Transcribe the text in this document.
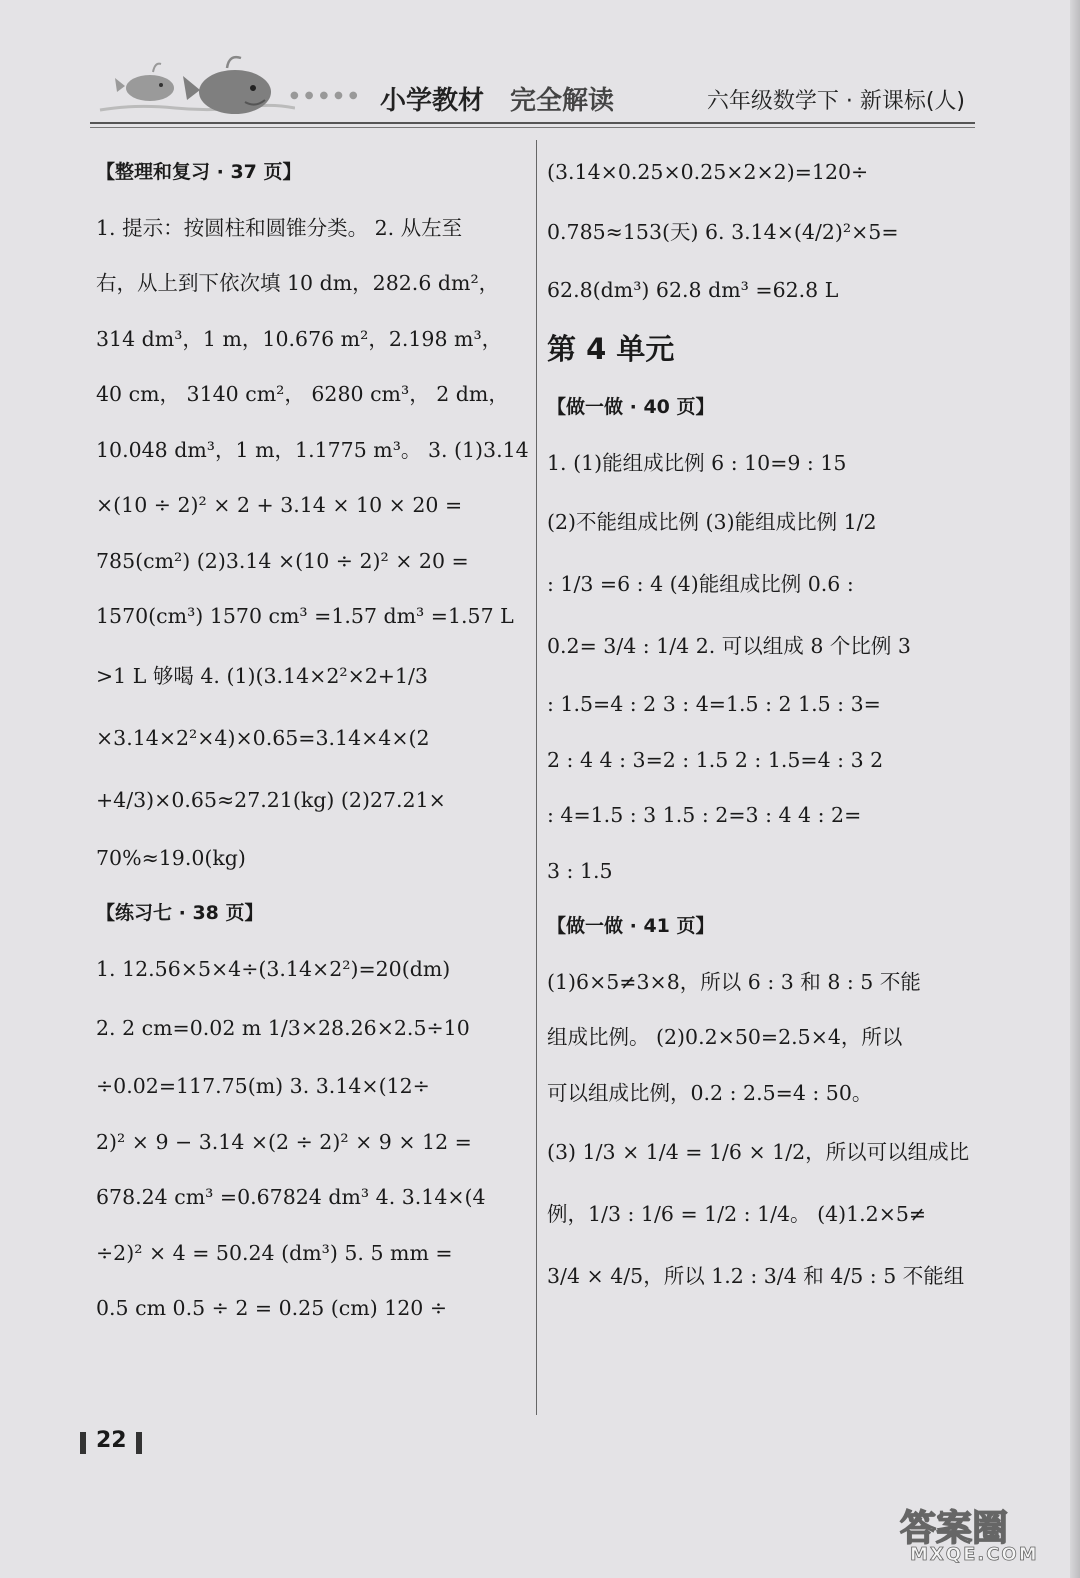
●●●●● 小学教材 完全解读	六年级数学下 · 新课标(人)

【整理和复习 · 37 页】

1. 提示：按圆柱和圆锥分类。 2. 从左至

右，从上到下依次填 10 dm，282.6 dm²，

314 dm³，1 m，10.676 m²，2.198 m³，

40 cm， 3140 cm²， 6280 cm³， 2 dm，

10.048 dm³，1 m，1.1775 m³。 3. (1)3.14

×(10 ÷ 2)² × 2 + 3.14 × 10 × 20 =

785(cm²) (2)3.14 ×(10 ÷ 2)² × 20 =

1570(cm³) 1570 cm³ =1.57 dm³ =1.57 L

>1 L 够喝 4. (1)(3.14×2²×2+1/3

×3.14×2²×4)×0.65=3.14×4×(2

+4/3)×0.65≈27.21(kg) (2)27.21×

70%≈19.0(kg)

【练习七 · 38 页】

1. 12.56×5×4÷(3.14×2²)=20(dm)

2. 2 cm=0.02 m 1/3×28.26×2.5÷10

÷0.02=117.75(m) 3. 3.14×(12÷

2)² × 9 − 3.14 ×(2 ÷ 2)² × 9 × 12 =

678.24 cm³ =0.67824 dm³ 4. 3.14×(4

÷2)² × 4 = 50.24 (dm³) 5. 5 mm =

0.5 cm 0.5 ÷ 2 = 0.25 (cm) 120 ÷

(3.14×0.25×0.25×2×2)=120÷

0.785≈153(天) 6. 3.14×(4/2)²×5=

62.8(dm³) 62.8 dm³ =62.8 L

第 4 单元

【做一做 · 40 页】

1. (1)能组成比例 6 : 10=9 : 15

(2)不能组成比例 (3)能组成比例 1/2

: 1/3 =6 : 4 (4)能组成比例 0.6 :

0.2= 3/4 : 1/4 2. 可以组成 8 个比例 3

: 1.5=4 : 2 3 : 4=1.5 : 2 1.5 : 3=

2 : 4 4 : 3=2 : 1.5 2 : 1.5=4 : 3 2

: 4=1.5 : 3 1.5 : 2=3 : 4 4 : 2=

3 : 1.5

【做一做 · 41 页】

(1)6×5≠3×8，所以 6 : 3 和 8 : 5 不能

组成比例。 (2)0.2×50=2.5×4，所以

可以组成比例，0.2 : 2.5=4 : 50。

(3) 1/3 × 1/4 = 1/6 × 1/2，所以可以组成比

例，1/3 : 1/6 = 1/2 : 1/4。 (4)1.2×5≠

3/4 × 4/5，所以 1.2 : 3/4 和 4/5 : 5 不能组

22
答案圈
MXQE.COM
